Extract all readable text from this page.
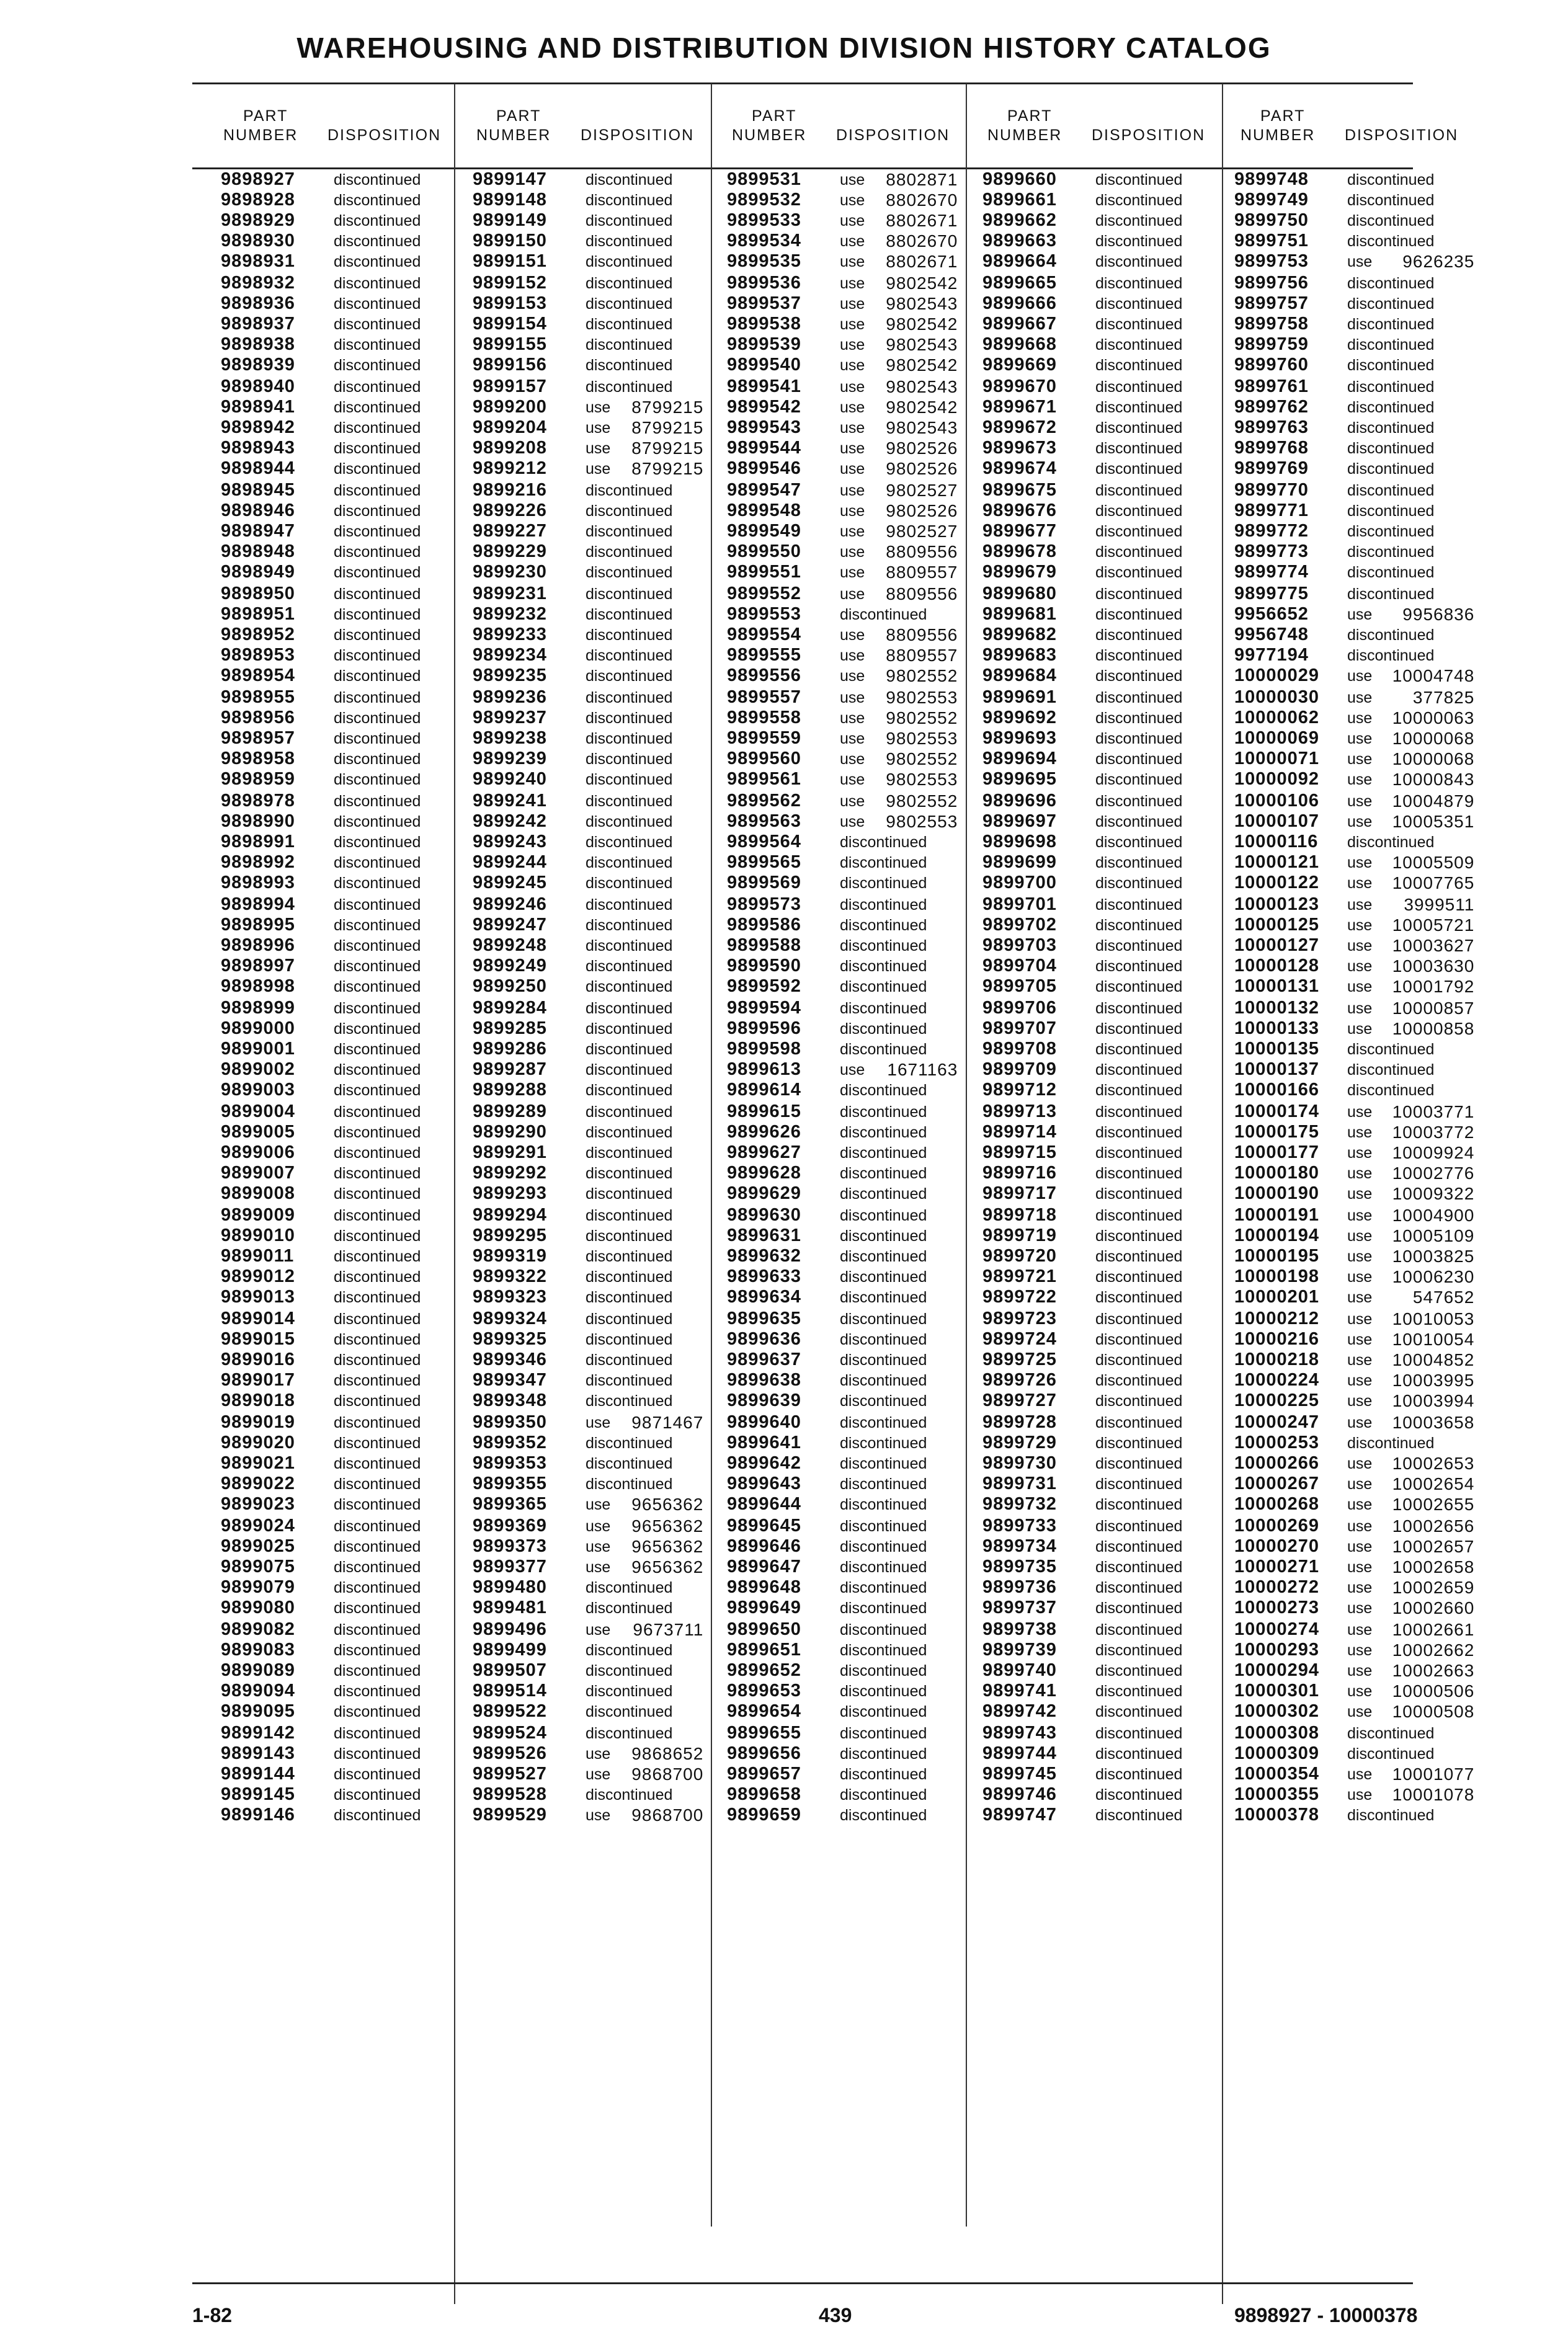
WAREHOUSING AND DISTRIBUTION DIVISION HISTORY CATALOG
PART
NUMBER DISPOSITION
PART
NUMBER DISPOSITION
PART
NUMBER DISPOSITION
PART
NUMBER DISPOSITION
PART
NUMBER DISPOSITION
9898927 discontinued
9898928 discontinued
9898929 discontinued
9898930 discontinued
9898931 discontinued
9898932 discontinued
9898936 discontinued
9898937 discontinued
9898938 discontinued
9898939 discontinued
9898940 discontinued
9898941 discontinued
9898942 discontinued
9898943 discontinued
9898944 discontinued
9898945 discontinued
9898946 discontinued
9898947 discontinued
9898948 discontinued
9898949 discontinued
9898950 discontinued
9898951 discontinued
9898952 discontinued
9898953 discontinued
9898954 discontinued
9898955 discontinued
9898956 discontinued
9898957 discontinued
9898958 discontinued
9898959 discontinued
9898978 discontinued
9898990 discontinued
9898991 discontinued
9898992 discontinued
9898993 discontinued
9898994 discontinued
9898995 discontinued
9898996 discontinued
9898997 discontinued
9898998 discontinued
9898999 discontinued
9899000 discontinued
9899001 discontinued
9899002 discontinued
9899003 discontinued
9899004 discontinued
9899005 discontinued
9899006 discontinued
9899007 discontinued
9899008 discontinued
9899009 discontinued
9899010 discontinued
9899011	discontinued
9899012 discontinued
9899013 discontinued
9899014 discontinued
9899015 discontinued
9899016 discontinued
9899017 discontinued
9899018 discontinued
9899019 discontinued
9899020 discontinued
9899021 discontinued
9899022 discontinued
9899023 discontinued
9899024 discontinued
9899025 discontinued
9899075 discontinued
9899079 discontinued
9899080 discontinued
9899082 discontinued
9899083 discontinued
9899089 discontinued
9899094 discontinued
9899095 discontinued
9899142 discontinued
9899143 discontinued
9899144 discontinued
9899145 discontinued
9899146 discontinued
9899147 discontinued
9899148 discontinued
9899149 discontinued
9899150 discontinued
9899151 discontinued
9899152 discontinued
9899153 discontinued
9899154 discontinued
9899155 discontinued
9899156 discontinued
9899157 discontinued
9899200 use	8799215
9899204 use	8799215
9899208 use	8799215
9899212 use	8799215
9899216 discontinued
9899226 discontinued
9899227 discontinued
9899229 discontinued
9899230 discontinued
9899231 discontinued
9899232 discontinued
9899233 discontinued
9899234 discontinued
9899235 discontinued
9899236 discontinued
9899237 discontinued
9899238 discontinued
9899239 discontinued
9899240 discontinued
9899241 discontinued
9899242 discontinued
9899243 discontinued
9899244 discontinued
9899245 discontinued
9899246 discontinued
9899247 discontinued
9899248 discontinued
9899249 discontinued
9899250 discontinued
9899284 discontinued
9899285 discontinued
9899286 discontinued
9899287 discontinued
9899288 discontinued
9899289 discontinued
9899290 discontinued
9899291 discontinued
9899292 discontinued
9899293 discontinued
9899294 discontinued
9899295 discontinued
9899319 discontinued
9899322 discontinued
9899323 discontinued
9899324 discontinued
9899325 discontinued
9899346 discontinued
9899347 discontinued
9899348 discontinued
9899350 use	9871467
9899352 discontinued
9899353 discontinued
9899355 discontinued
9899365 use	9656362
9899369 use	9656362
9899373 use	9656362
9899377 use	9656362
9899480 discontinued
9899481 discontinued
9899496 use	9673711
9899499 discontinued
9899507 discontinued
9899514 discontinued
9899522 discontinued
9899524 discontinued
9899526 use	9868652
9899527 use	9868700
9899528 discontinued
9899529 use	9868700
9899531 use	8802871
9899532 use	8802670
9899533 use	8802671
9899534 use	8802670
9899535 use	8802671
9899536 use	9802542
9899537 use	9802543
9899538 use	9802542
9899539 use	9802543
9899540 use	9802542
9899541 use	9802543
9899542 use	9802542
9899543 use	9802543
9899544 use	9802526
9899546 use	9802526
9899547 use	9802527
9899548 use	9802526
9899549 use	9802527
9899550 use	8809556
9899551 use	8809557
9899552 use	8809556
9899553 discontinued
9899554 use	8809556
9899555 use	8809557
9899556 use	9802552
9899557 use	9802553
9899558 use	9802552
9899559 use	9802553
9899560 use	9802552
9899561 use	9802553
9899562 use	9802552
9899563 use	9802553
9899564 discontinued
9899565 discontinued
9899569 discontinued
9899573 discontinued
9899586 discontinued
9899588 discontinued
9899590 discontinued
9899592 discontinued
9899594 discontinued
9899596 discontinued
9899598 discontinued
9899613 use	1671163
9899614 discontinued
9899615 discontinued
9899626 discontinued
9899627 discontinued
9899628 discontinued
9899629 discontinued
9899630 discontinued
9899631 discontinued
9899632 discontinued
9899633 discontinued
9899634 discontinued
9899635 discontinued
9899636 discontinued
9899637 discontinued
9899638 discontinued
9899639 discontinued
9899640 discontinued
9899641 discontinued
9899642 discontinued
9899643 discontinued
9899644 discontinued
9899645 discontinued
9899646 discontinued
9899647 discontinued
9899648 discontinued
9899649 discontinued
9899650 discontinued
9899651 discontinued
9899652 discontinued
9899653 discontinued
9899654 discontinued
9899655 discontinued
9899656 discontinued
9899657 discontinued
9899658 discontinued
9899659 discontinued
9899660 discontinued
9899661 discontinued
9899662 discontinued
9899663 discontinued
9899664 discontinued
9899665 discontinued
9899666 discontinued
9899667 discontinued
9899668 discontinued
9899669 discontinued
9899670 discontinued
9899671 discontinued
9899672 discontinued
9899673 discontinued
9899674 discontinued
9899675 discontinued
9899676 discontinued
9899677 discontinued
9899678 discontinued
9899679 discontinued
9899680 discontinued
9899681 discontinued
9899682 discontinued
9899683 discontinued
9899684 discontinued
9899691 discontinued
9899692 discontinued
9899693 discontinued
9899694 discontinued
9899695 discontinued
9899696 discontinued
9899697 discontinued
9899698 discontinued
9899699 discontinued
9899700 discontinued
9899701 discontinued
9899702 discontinued
9899703 discontinued
9899704 discontinued
9899705 discontinued
9899706 discontinued
9899707 discontinued
9899708 discontinued
9899709 discontinued
9899712 discontinued
9899713 discontinued
9899714 discontinued
9899715 discontinued
9899716 discontinued
9899717 discontinued
9899718 discontinued
9899719 discontinued
9899720 discontinued
9899721 discontinued
9899722 discontinued
9899723 discontinued
9899724 discontinued
9899725 discontinued
9899726 discontinued
9899727 discontinued
9899728 discontinued
9899729 discontinued
9899730 discontinued
9899731 discontinued
9899732 discontinued
9899733 discontinued
9899734 discontinued
9899735 discontinued
9899736 discontinued
9899737 discontinued
9899738 discontinued
9899739 discontinued
9899740 discontinued
9899741 discontinued
9899742 discontinued
9899743 discontinued
9899744 discontinued
9899745 discontinued
9899746 discontinued
9899747 discontinued
9899748 discontinued
9899749 discontinued
9899750 discontinued
9899751 discontinued
9899753 use	9626235
9899756 discontinued
9899757 discontinued
9899758 discontinued
9899759 discontinued
9899760 discontinued
9899761 discontinued
9899762 discontinued
9899763 discontinued
9899768 discontinued
9899769 discontinued
9899770 discontinued
9899771 discontinued
9899772 discontinued
9899773 discontinued
9899774 discontinued
9899775 discontinued
9956652 use	9956836
9956748 discontinued
9977194 discontinued
10000029 use	10004748
10000030 use	377825
10000062 use	10000063
10000069 use	10000068
10000071 use	10000068
10000092 use	10000843
10000106 use	10004879
10000107 use	10005351
10000116 discontinued
10000121 use	10005509
10000122 use	10007765
10000123 use	3999511
10000125 use	10005721
10000127 use	10003627
10000128 use	10003630
10000131 use	10001792
10000132 use	10000857
10000133 use	10000858
10000135 discontinued
10000137 discontinued
10000166 discontinued
10000174 use	10003771
10000175 use	10003772
10000177 use	10009924
10000180 use	10002776
10000190 use	10009322
10000191 use	10004900
10000194 use	10005109
10000195 use	10003825
10000198 use	10006230
10000201 use	547652
10000212 use	10010053
10000216 use	10010054
10000218 use	10004852
10000224 use	10003995
10000225 use	10003994
10000247 use	10003658
10000253 discontinued
10000266 use	10002653
10000267 use	10002654
10000268 use	10002655
10000269 use	10002656
10000270 use	10002657
10000271 use	10002658
10000272 use	10002659
10000273 use	10002660
10000274 use	10002661
10000293 use	10002662
10000294 use	10002663
10000301 use	10000506
10000302 use	10000508
10000308 discontinued
10000309 discontinued
10000354 use	10001077
10000355 use	10001078
10000378 discontinued
1-82	439	9898927 - 10000378
